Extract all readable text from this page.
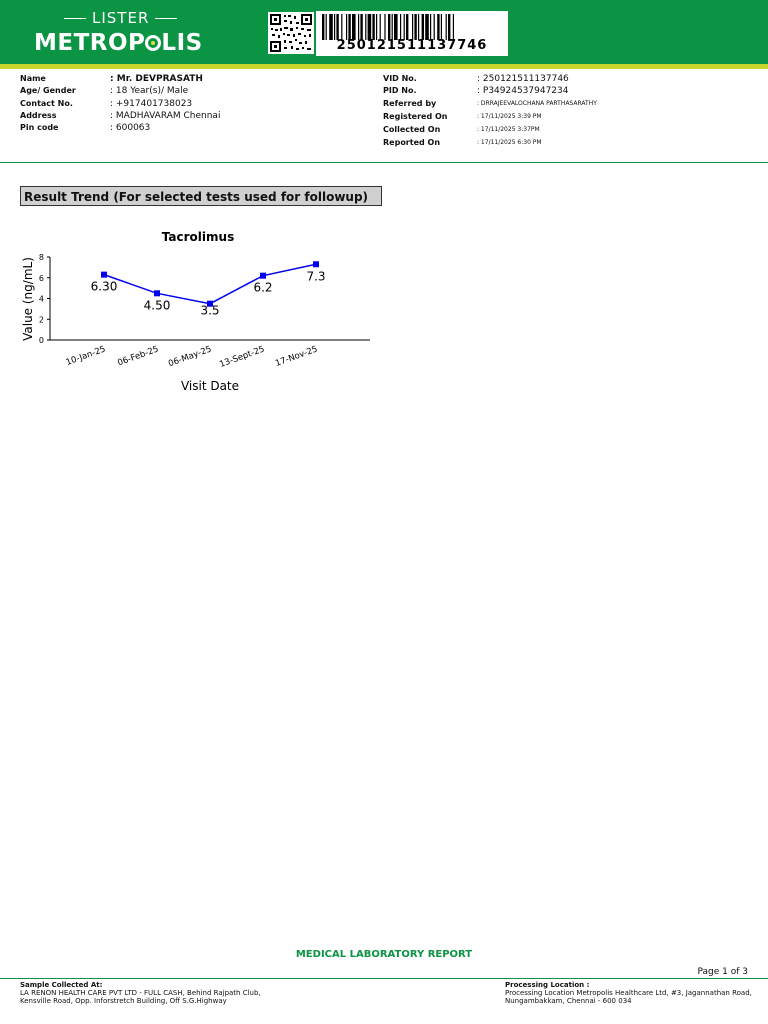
LISTER
METROP LIS	250121511137746
Name	: Mr. DEVPRASATH
Age/ Gender	: 18 Year(s)/ Male
Contact No.	: +917401738023
Address	: MADHAVARAM Chennai
Pin code	: 600063
VID No.	: 250121511137746
PID No.	: P34924537947234
Referred by	: DRRAJEEVALOCHANA PARTHASARATHY
Registered On	: 17/11/2025 3:39 PM
Collected On	: 17/11/2025 3:37PM
Reported On	: 17/11/2025 6:30 PM
Result Trend (For selected tests used for followup)
Tacrolimus
Value (ng/mL)
Visit Date
0
2
4
6
8
10-Jan-25 06-Feb-25 06-May-25 13-Sept-25 17-Nov-25
6.30
4.50	3.5
6.2
7.3
MEDICAL LABORATORY REPORT
Page 1 of 3
Sample Collected At:
LA RENON HEALTH CARE PVT LTD - FULL CASH, Behind Rajpath Club, Kensville Road, Opp. Inforstretch Building, Off S.G.Highway
Processing Location :
Processing Location Metropolis Healthcare Ltd, #3, Jagannathan Road, Nungambakkam, Chennai - 600 034
